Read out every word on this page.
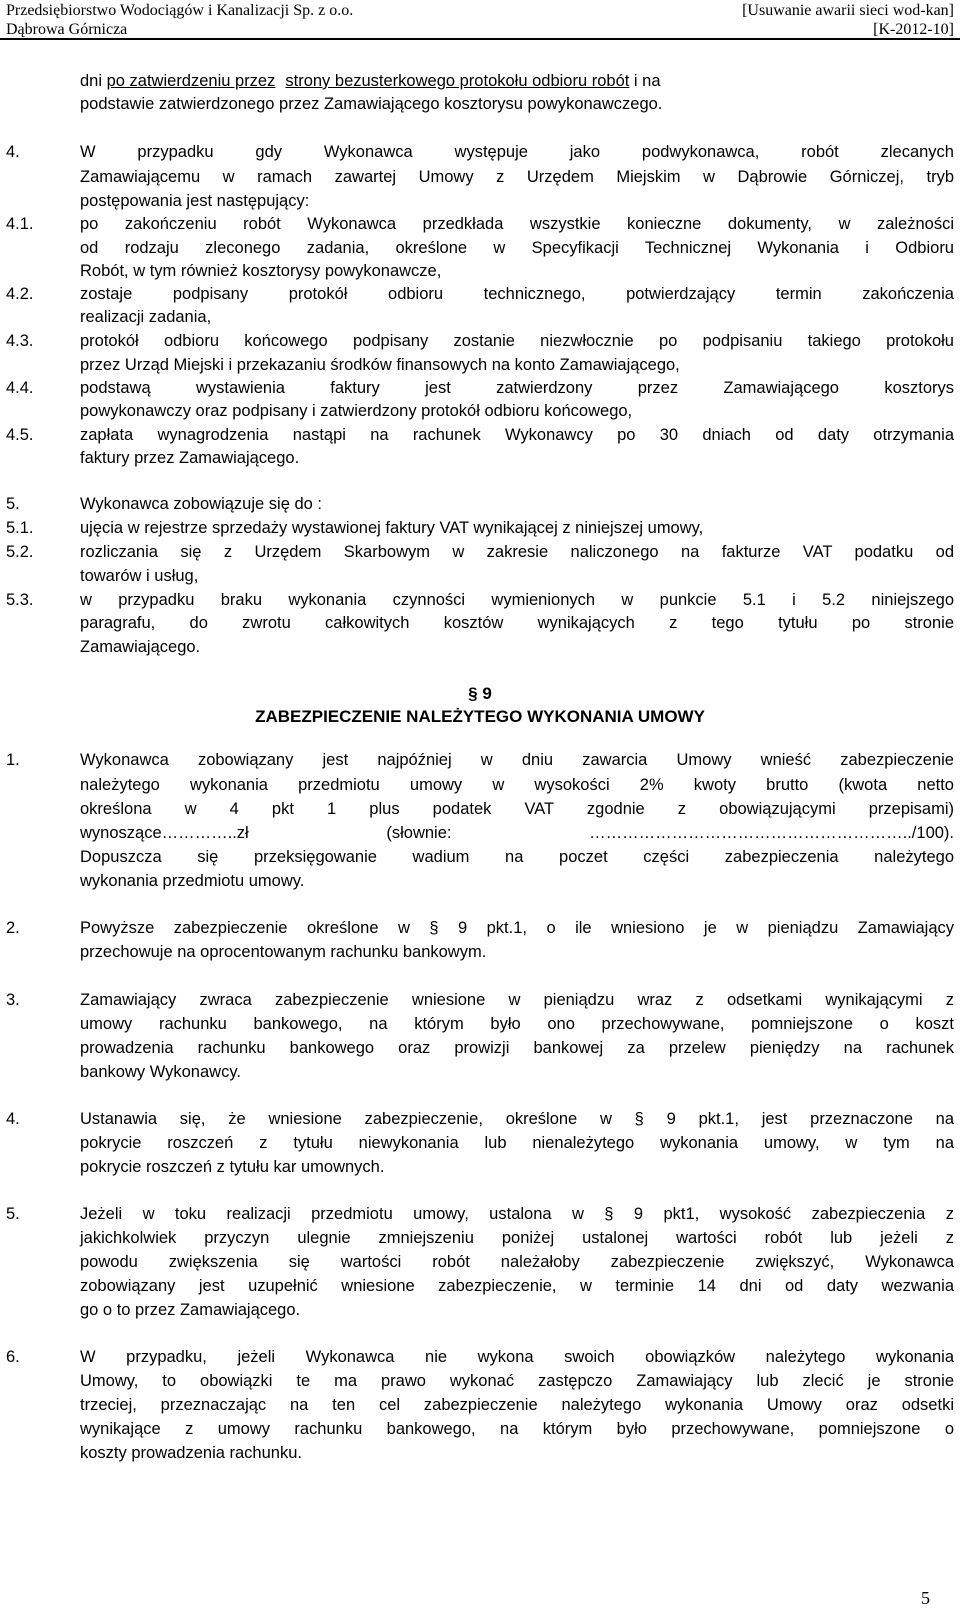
Przedsiębiorstwo Wodociągów i Kanalizacji Sp. z o.o.
Dąbrowa Górnicza
[Usuwanie awarii sieci wod-kan]
[K-2012-10]
dni po zatwierdzeniu przez strony bezusterkowego protokołu odbioru robót i na
podstawie zatwierdzonego przez Zamawiającego kosztorysu powykonawczego.
4.	W przypadku gdy Wykonawca występuje jako podwykonawca, robót zlecanych
Zamawiającemu w ramach zawartej Umowy z Urzędem Miejskim w Dąbrowie Górniczej, tryb
postępowania jest następujący:
4.1.	po zakończeniu robót Wykonawca przedkłada wszystkie konieczne dokumenty, w zależności
od rodzaju zleconego zadania, określone w Specyfikacji Technicznej Wykonania i Odbioru
Robót, w tym również kosztorysy powykonawcze,
4.2.	zostaje podpisany protokół odbioru technicznego, potwierdzający termin zakończenia
realizacji zadania,
4.3.	protokół odbioru końcowego podpisany zostanie niezwłocznie po podpisaniu takiego protokołu
przez Urząd Miejski i przekazaniu środków finansowych na konto Zamawiającego,
4.4.	podstawą wystawienia faktury jest zatwierdzony przez Zamawiającego kosztorys
powykonawczy oraz podpisany i zatwierdzony protokół odbioru końcowego,
4.5.	zapłata wynagrodzenia nastąpi na rachunek Wykonawcy po 30 dniach od daty otrzymania
faktury przez Zamawiającego.
5.	Wykonawca zobowiązuje się do :
5.1.	ujęcia w rejestrze sprzedaży wystawionej faktury VAT wynikającej z niniejszej umowy,
5.2.	rozliczania się z Urzędem Skarbowym w zakresie naliczonego na fakturze VAT podatku od
towarów i usług,
5.3.	w przypadku braku wykonania czynności wymienionych w punkcie 5.1 i 5.2 niniejszego
paragrafu, do zwrotu całkowitych kosztów wynikających z tego tytułu po stronie
Zamawiającego.
§ 9
ZABEZPIECZENIE NALEŻYTEGO WYKONANIA UMOWY
1.	Wykonawca zobowiązany jest najpóźniej w dniu zawarcia Umowy wnieść zabezpieczenie
należytego wykonania przedmiotu umowy w wysokości 2% kwoty brutto (kwota netto
określona w 4 pkt 1 plus podatek VAT zgodnie z obowiązującymi przepisami)
wynoszące…………..zł (słownie: …………………………………………………../100).
Dopuszcza się przeksięgowanie wadium na poczet części zabezpieczenia należytego
wykonania przedmiotu umowy.
2.	Powyższe zabezpieczenie określone w § 9 pkt.1, o ile wniesiono je w pieniądzu Zamawiający
przechowuje na oprocentowanym rachunku bankowym.
3.	Zamawiający zwraca zabezpieczenie wniesione w pieniądzu wraz z odsetkami wynikającymi z
umowy rachunku bankowego, na którym było ono przechowywane, pomniejszone o koszt
prowadzenia rachunku bankowego oraz prowizji bankowej za przelew pieniędzy na rachunek
bankowy Wykonawcy.
4.	Ustanawia się, że wniesione zabezpieczenie, określone w § 9 pkt.1, jest przeznaczone na
pokrycie roszczeń z tytułu niewykonania lub nienależytego wykonania umowy, w tym na
pokrycie roszczeń z tytułu kar umownych.
5.	Jeżeli w toku realizacji przedmiotu umowy, ustalona w § 9 pkt1, wysokość zabezpieczenia z
jakichkolwiek przyczyn ulegnie zmniejszeniu poniżej ustalonej wartości robót lub jeżeli z
powodu zwiększenia się wartości robót należałoby zabezpieczenie zwiększyć, Wykonawca
zobowiązany jest uzupełnić wniesione zabezpieczenie, w terminie 14 dni od daty wezwania
go o to przez Zamawiającego.
6.	W przypadku, jeżeli Wykonawca nie wykona swoich obowiązków należytego wykonania
Umowy, to obowiązki te ma prawo wykonać zastępczo Zamawiający lub zlecić je stronie
trzeciej, przeznaczając na ten cel zabezpieczenie należytego wykonania Umowy oraz odsetki
wynikające z umowy rachunku bankowego, na którym było przechowywane, pomniejszone o
koszty prowadzenia rachunku.
5
